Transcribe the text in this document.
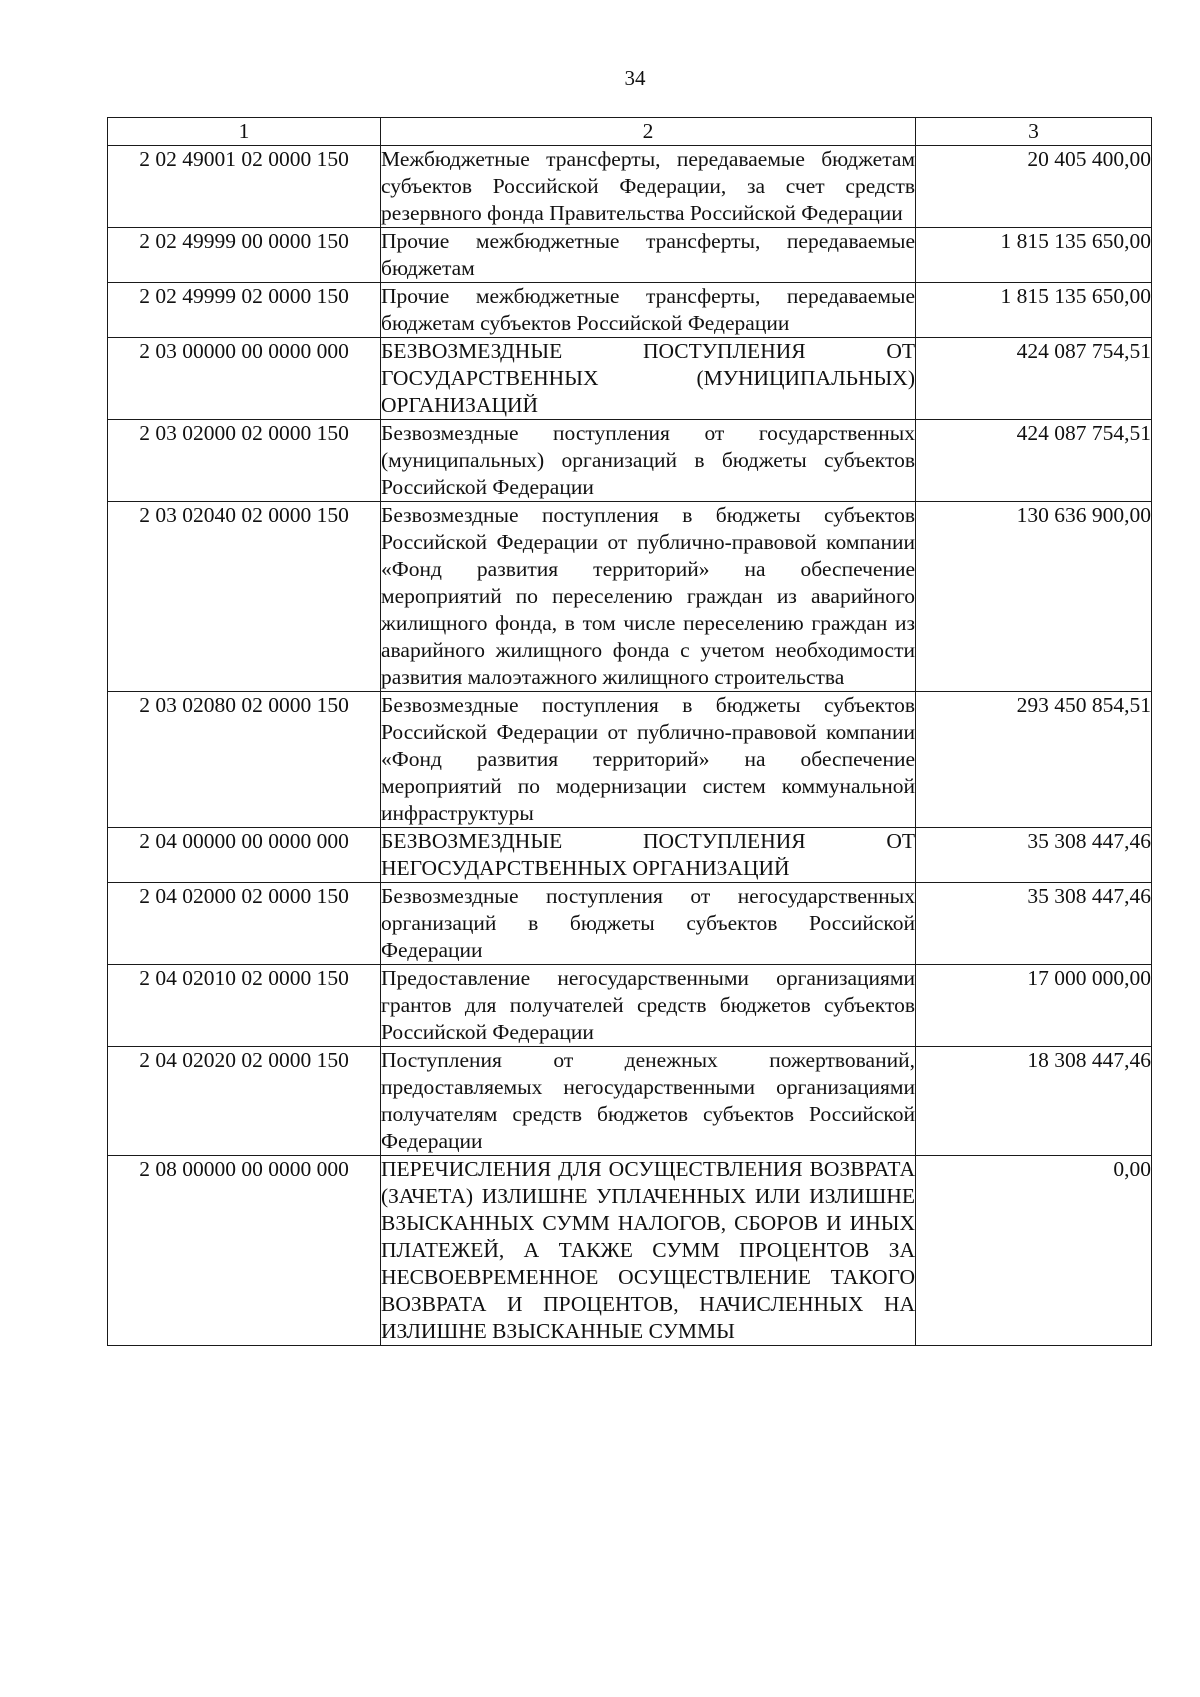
34
1	2	3
2 02 49001 02 0000 150	Межбюджетные трансферты, передаваемые бюджетам субъектов Российской Федерации, за счет средств резервного фонда Правительства Российской Федерации	20 405 400,00
2 02 49999 00 0000 150	Прочие межбюджетные трансферты, передаваемые бюджетам	1 815 135 650,00
2 02 49999 02 0000 150	Прочие межбюджетные трансферты, передаваемые бюджетам субъектов Российской Федерации	1 815 135 650,00
2 03 00000 00 0000 000	БЕЗВОЗМЕЗДНЫЕ ПОСТУПЛЕНИЯ ОТ ГОСУДАРСТВЕННЫХ (МУНИЦИПАЛЬНЫХ) ОРГАНИЗАЦИЙ	424 087 754,51
2 03 02000 02 0000 150	Безвозмездные поступления от государственных (муниципальных) организаций в бюджеты субъектов Российской Федерации	424 087 754,51
2 03 02040 02 0000 150	Безвозмездные поступления в бюджеты субъектов Российской Федерации от публично-правовой компании «Фонд развития территорий» на обеспечение мероприятий по переселению граждан из аварийного жилищного фонда, в том числе переселению граждан из аварийного жилищного фонда с учетом необходимости развития малоэтажного жилищного строительства	130 636 900,00
2 03 02080 02 0000 150	Безвозмездные поступления в бюджеты субъектов Российской Федерации от публично-правовой компании «Фонд развития территорий» на обеспечение мероприятий по модернизации систем коммунальной инфраструктуры	293 450 854,51
2 04 00000 00 0000 000	БЕЗВОЗМЕЗДНЫЕ ПОСТУПЛЕНИЯ ОТ НЕГОСУДАРСТВЕННЫХ ОРГАНИЗАЦИЙ	35 308 447,46
2 04 02000 02 0000 150	Безвозмездные поступления от негосударственных организаций в бюджеты субъектов Российской Федерации	35 308 447,46
2 04 02010 02 0000 150	Предоставление негосударственными организациями грантов для получателей средств бюджетов субъектов Российской Федерации	17 000 000,00
2 04 02020 02 0000 150	Поступления от денежных пожертвований, предоставляемых негосударственными организациями получателям средств бюджетов субъектов Российской Федерации	18 308 447,46
2 08 00000 00 0000 000	ПЕРЕЧИСЛЕНИЯ ДЛЯ ОСУЩЕСТВЛЕНИЯ ВОЗВРАТА (ЗАЧЕТА) ИЗЛИШНЕ УПЛАЧЕННЫХ ИЛИ ИЗЛИШНЕ ВЗЫСКАННЫХ СУММ НАЛОГОВ, СБОРОВ И ИНЫХ ПЛАТЕЖЕЙ, А ТАКЖЕ СУММ ПРОЦЕНТОВ ЗА НЕСВОЕВРЕМЕННОЕ ОСУЩЕСТВЛЕНИЕ ТАКОГО ВОЗВРАТА И ПРОЦЕНТОВ, НАЧИСЛЕННЫХ НА ИЗЛИШНЕ ВЗЫСКАННЫЕ СУММЫ	0,00
